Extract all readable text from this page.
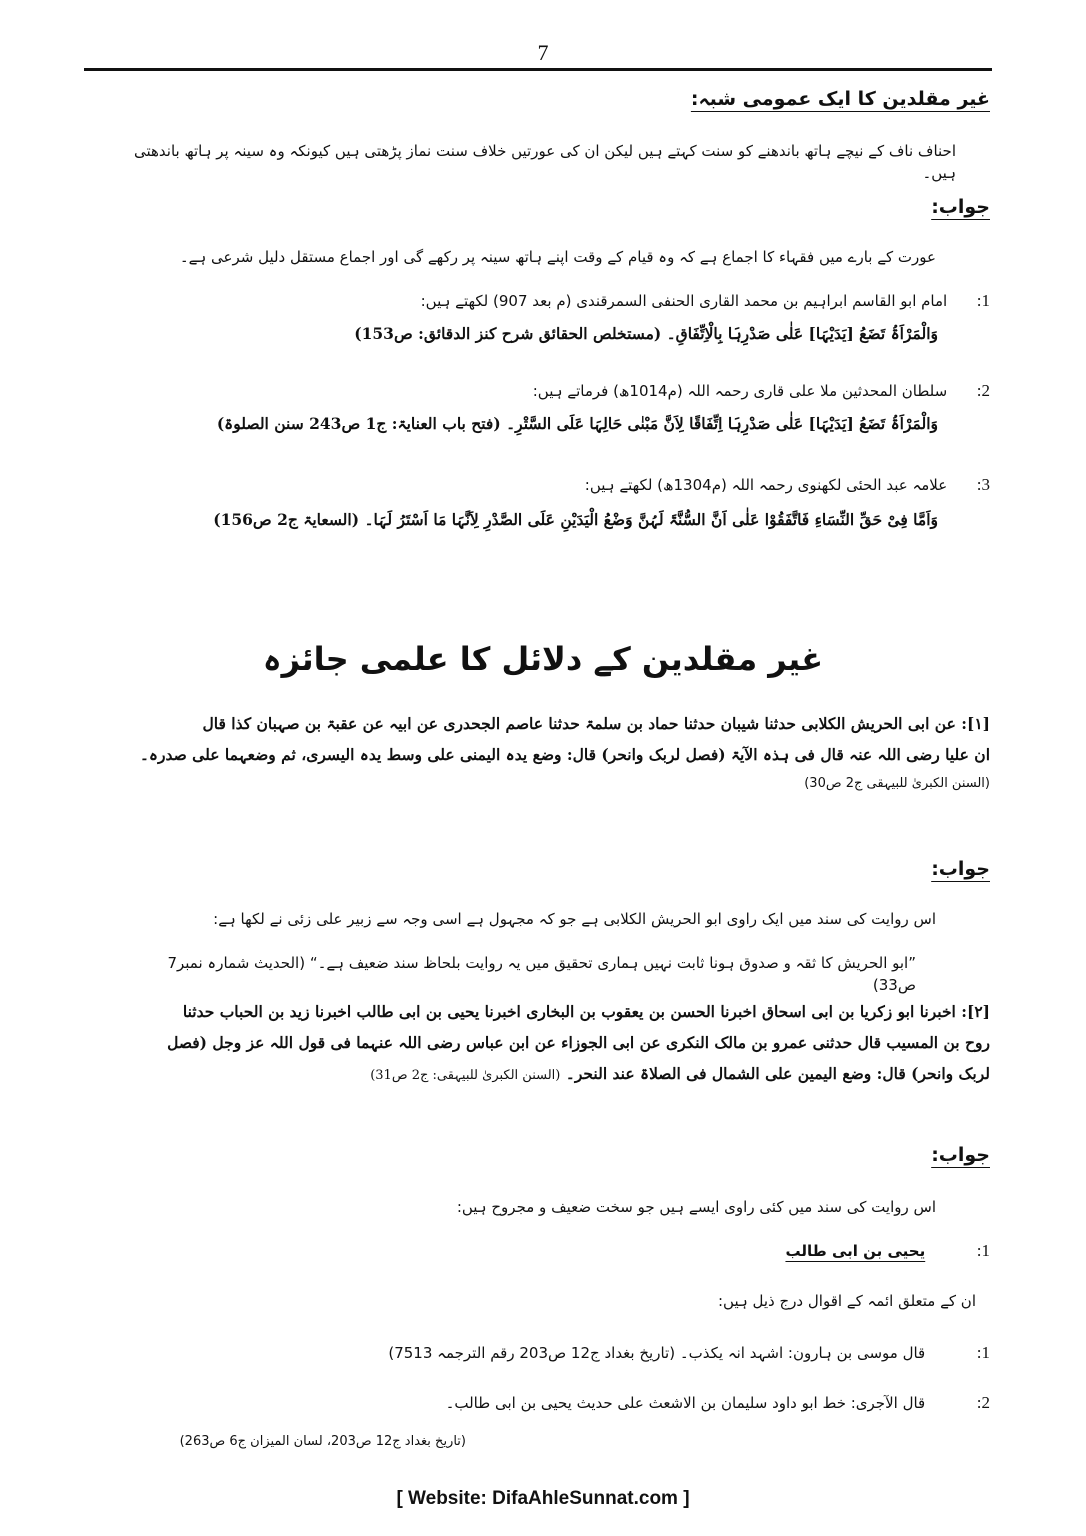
7
غیر مقلدین کا ایک عمومی شبہ:
احناف ناف کے نیچے ہاتھ باندھنے کو سنت کہتے ہیں لیکن ان کی عورتیں خلاف سنت نماز پڑھتی ہیں کیونکہ وہ سینہ پر ہاتھ باندھتی ہیں۔
جواب:
عورت کے بارے میں فقہاء کا اجماع ہے کہ وہ قیام کے وقت اپنے ہاتھ سینہ پر رکھے گی اور اجماع مستقل دلیل شرعی ہے۔
1: امام ابو القاسم ابراہیم بن محمد القاری الحنفی السمرقندی (م بعد 907) لکھتے ہیں:
وَالْمَرْاَۃُ تَضَعُ [یَدَیْہَا] عَلٰی صَدْرِہَا بِالْاِتِّفَاقِ۔ (مستخلص الحقائق شرح کنز الدقائق: ص153)
2: سلطان المحدثین ملا علی قاری رحمہ اللہ (م1014ھ) فرماتے ہیں:
وَالْمَرْاَۃُ تَضَعُ [یَدَیْہَا] عَلٰی صَدْرِہَا اِتِّفَاقًا لِاَنَّ مَبْنٰی حَالِہَا عَلَی السَّتْرِ۔ (فتح باب العنایۃ: ج1 ص243 سنن الصلوۃ)
3: علامہ عبد الحئی لکھنوی رحمہ اللہ (م1304ھ) لکھتے ہیں:
وَاَمَّا فِیْ حَقِّ النِّسَاءِ فَاتَّفَقُوْا عَلٰی اَنَّ السُّنَّۃَ لَہُنَّ وَضْعُ الْیَدَیْنِ عَلَی الصَّدْرِ لِاَنَّہَا مَا اَسْتَرُ لَہَا۔ (السعایۃ ج2 ص156)
غیر مقلدین کے دلائل کا علمی جائزہ
[۱]: عن ابی الحریش الکلابی حدثنا شیبان حدثنا حماد بن سلمۃ حدثنا عاصم الجحدری عن ابیہ عن عقبۃ بن صہبان کذا قال
ان علیا رضی اللہ عنہ قال فی ہذہ الآیۃ (فصل لربک وانحر) قال: وضع یدہ الیمنی علی وسط یدہ الیسری، ثم وضعہما علی صدرہ۔
(السنن الکبریٰ للبیہقی ج2 ص30)
جواب:
اس روایت کی سند میں ایک راوی ابو الحریش الکلابی ہے جو کہ مجہول ہے اسی وجہ سے زبیر علی زئی نے لکھا ہے:
”ابو الحریش کا ثقہ و صدوق ہونا ثابت نہیں ہماری تحقیق میں یہ روایت بلحاظ سند ضعیف ہے۔“ (الحدیث شمارہ نمبر7 ص33)
[۲]: اخبرنا ابو زکریا بن ابی اسحاق اخبرنا الحسن بن یعقوب بن البخاری اخبرنا یحیی بن ابی طالب اخبرنا زید بن الحباب حدثنا
روح بن المسیب قال حدثنی عمرو بن مالک النکری عن ابی الجوزاء عن ابن عباس رضی اللہ عنہما فی قول اللہ عز وجل (فصل
لربک وانحر) قال: وضع الیمین علی الشمال فی الصلاۃ عند النحر۔ (السنن الکبریٰ للبیہقی: ج2 ص31)
جواب:
اس روایت کی سند میں کئی راوی ایسے ہیں جو سخت ضعیف و مجروح ہیں:
1: یحیی بن ابی طالب
ان کے متعلق ائمہ کے اقوال درج ذیل ہیں:
1: قال موسی بن ہارون: اشہد انہ یکذب۔ (تاریخ بغداد ج12 ص203 رقم الترجمہ 7513)
2: قال الآجری: خط ابو داود سلیمان بن الاشعث علی حدیث یحیی بن ابی طالب۔
(تاریخ بغداد ج12 ص203، لسان المیزان ج6 ص263)
[ Website: DifaAhleSunnat.com ]
